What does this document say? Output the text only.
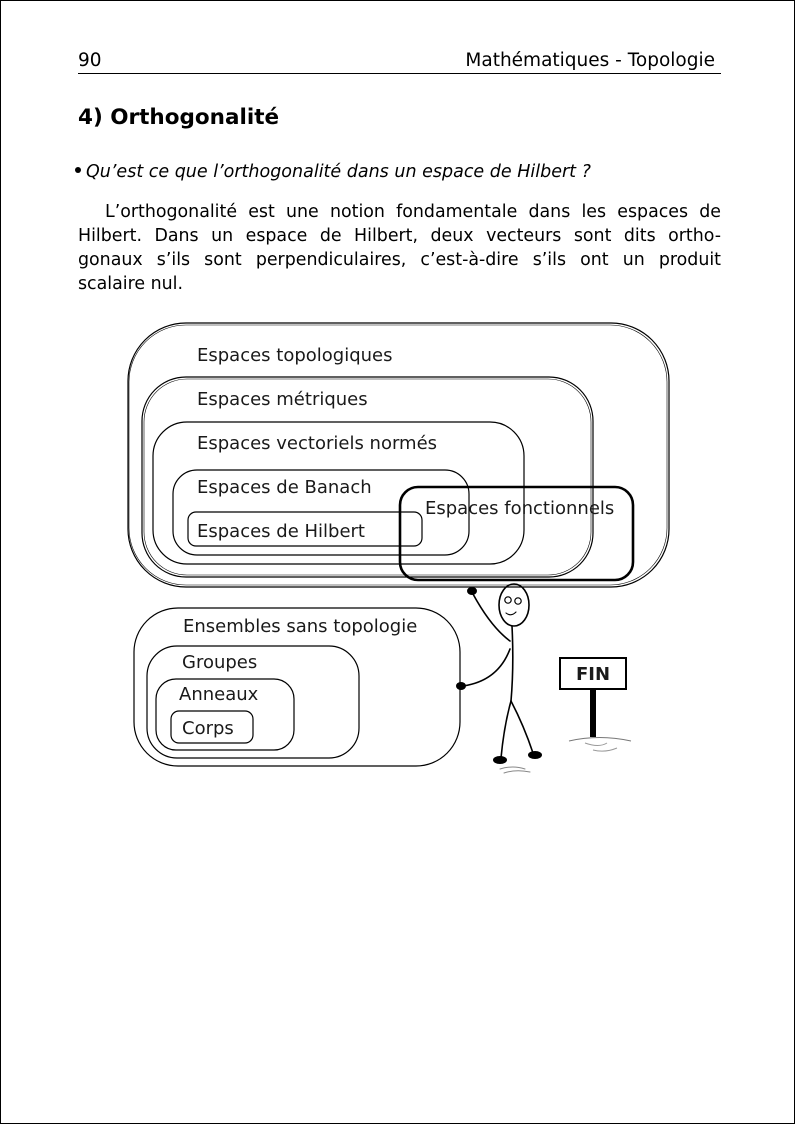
90	Mathématiques - Topologie
4) Orthogonalité
Qu’est ce que l’orthogonalité dans un espace de Hilbert ?

L’orthogonalité est une notion fondamentale dans les espaces de Hilbert. Dans un espace de Hilbert, deux vecteurs sont dits ortho- gonaux s’ils sont perpendiculaires, c’est-à-dire s’ils ont un produit scalaire nul.

Espaces topologiques
Espaces métriques
Espaces vectoriels normés
Espaces de Banach
Espaces de Hilbert
Espaces fonctionnels
Ensembles sans topologie
Groupes
Anneaux
Corps
FIN
